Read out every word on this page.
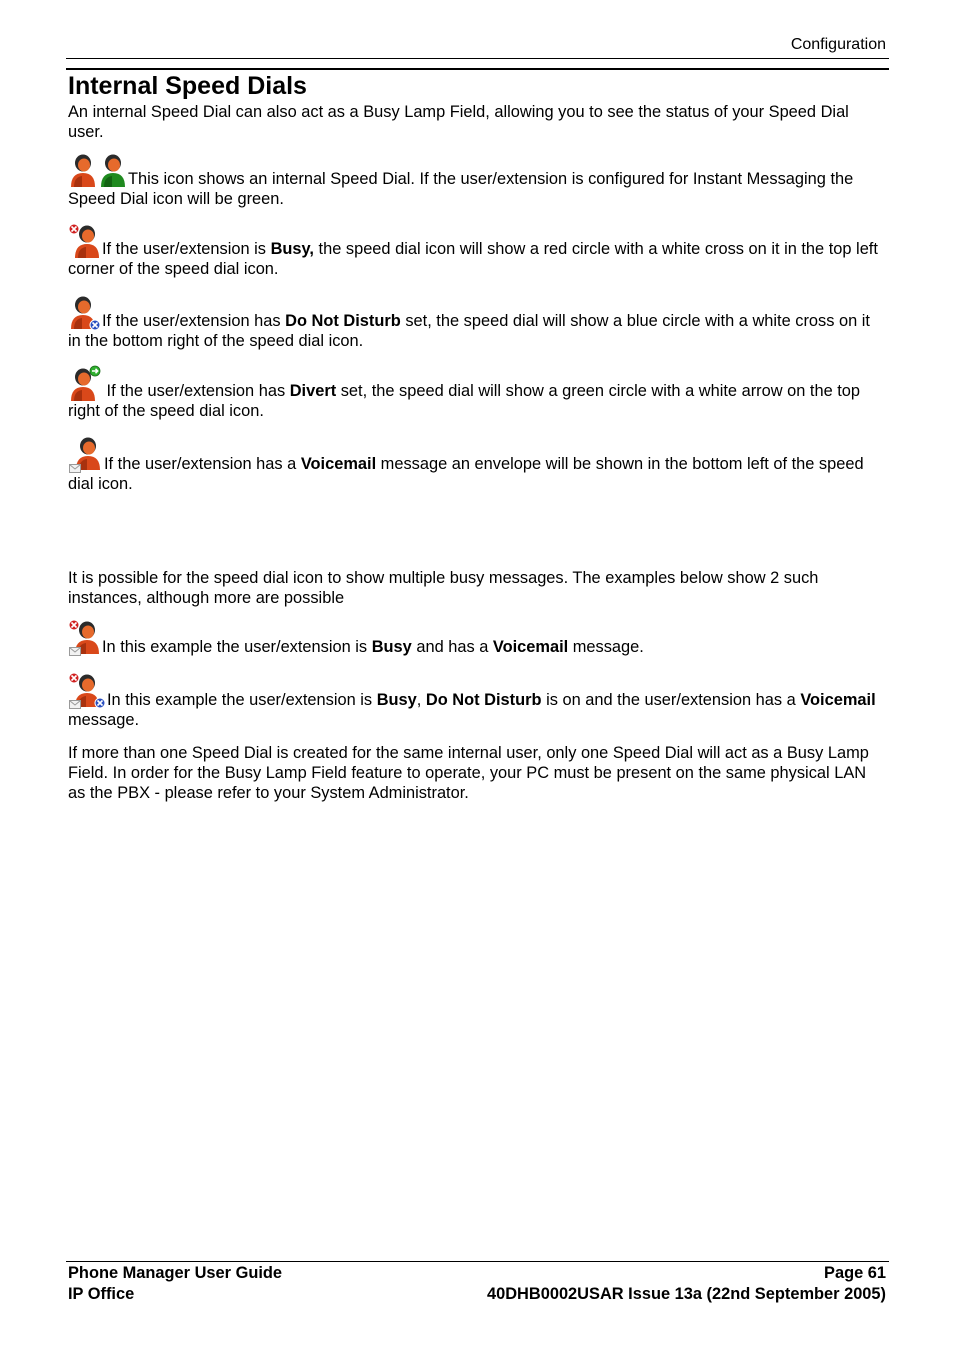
Configuration
Internal Speed Dials
An internal Speed Dial can also act as a Busy Lamp Field, allowing you to see the status of your Speed Dial user.
This icon shows an internal Speed Dial. If the user/extension is configured for Instant Messaging the Speed Dial icon will be green.
If the user/extension is Busy, the speed dial icon will show a red circle with a white cross on it in the top left corner of the speed dial icon.
If the user/extension has Do Not Disturb set, the speed dial will show a blue circle with a white cross on it in the bottom right of the speed dial icon.
If the user/extension has Divert set, the speed dial will show a green circle with a white arrow on the top right of the speed dial icon.
If the user/extension has a Voicemail message an envelope will be shown in the bottom left of the speed dial icon.
It is possible for the speed dial icon to show multiple busy messages. The examples below show 2 such instances, although more are possible
In this example the user/extension is Busy and has a Voicemail message.
In this example the user/extension is Busy, Do Not Disturb is on and the user/extension has a Voicemail message.
If more than one Speed Dial is created for the same internal user, only one Speed Dial will act as a Busy Lamp Field. In order for the Busy Lamp Field feature to operate, your PC must be present on the same physical LAN as the PBX - please refer to your System Administrator.
Phone Manager User Guide
IP Office
Page 61
40DHB0002USAR Issue 13a (22nd September 2005)
